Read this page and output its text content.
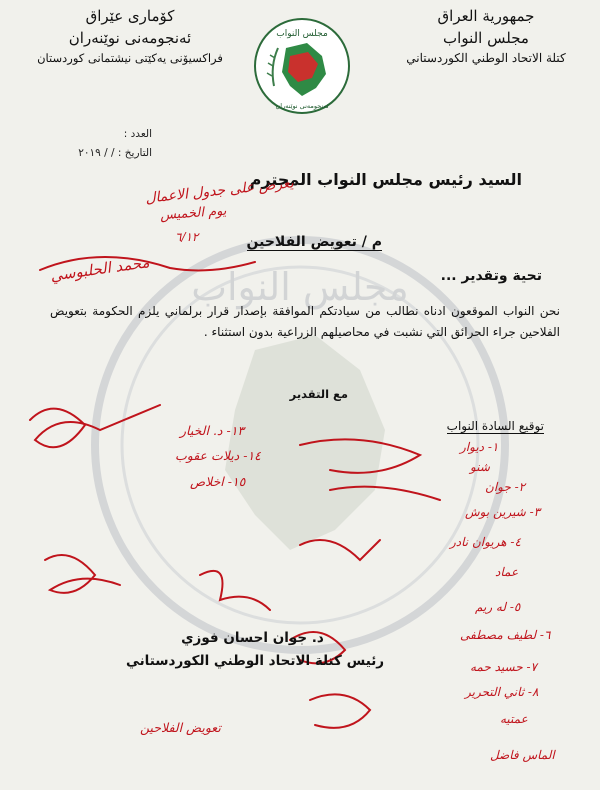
مجلس النواب
کۆماری عێراق
ئەنجومەنی نوێنەران
فراکسیۆنی یەکێتی نیشتمانی کوردستان
مجلس النواب
ئەنجومەنی نوێنەران
جمهورية العراق
مجلس النواب
كتلة الاتحاد الوطني الكوردستاني
العدد :
التاريخ : / / ٢٠١٩
السيد رئيس مجلس النواب المحترم
م / تعويض الفلاحين
تحية وتقدير ...
نحن النواب الموقعون ادناه نطالب من سيادتكم الموافقة بإصدار قرار برلماني يلزم الحكومة بتعويض الفلاحين جراء الحرائق التي نشبت في محاصيلهم الزراعية بدون استثناء .
مع التقدير
توقيع السادة النواب
يعرض على جدول الاعمال
يوم الخميس
٦/١٢
محمد الحلبوسي
١- ديوار
شنو
٢- جوان
٣- شيرين بوش
٤- هريوان نادر
عماد
٥- له ريم
٦- لطيف مصطفى
٧- حسيد حمه
٨- ثاني التحرير
عمتيه
الماس فاضل
١٣- د. الخيار
١٤- ديلات عقوب
١٥- اخلاص
تعويض الفلاحين
د. جوان احسان فوزي
رئيس كتلة الاتحاد الوطني الكوردستاني
